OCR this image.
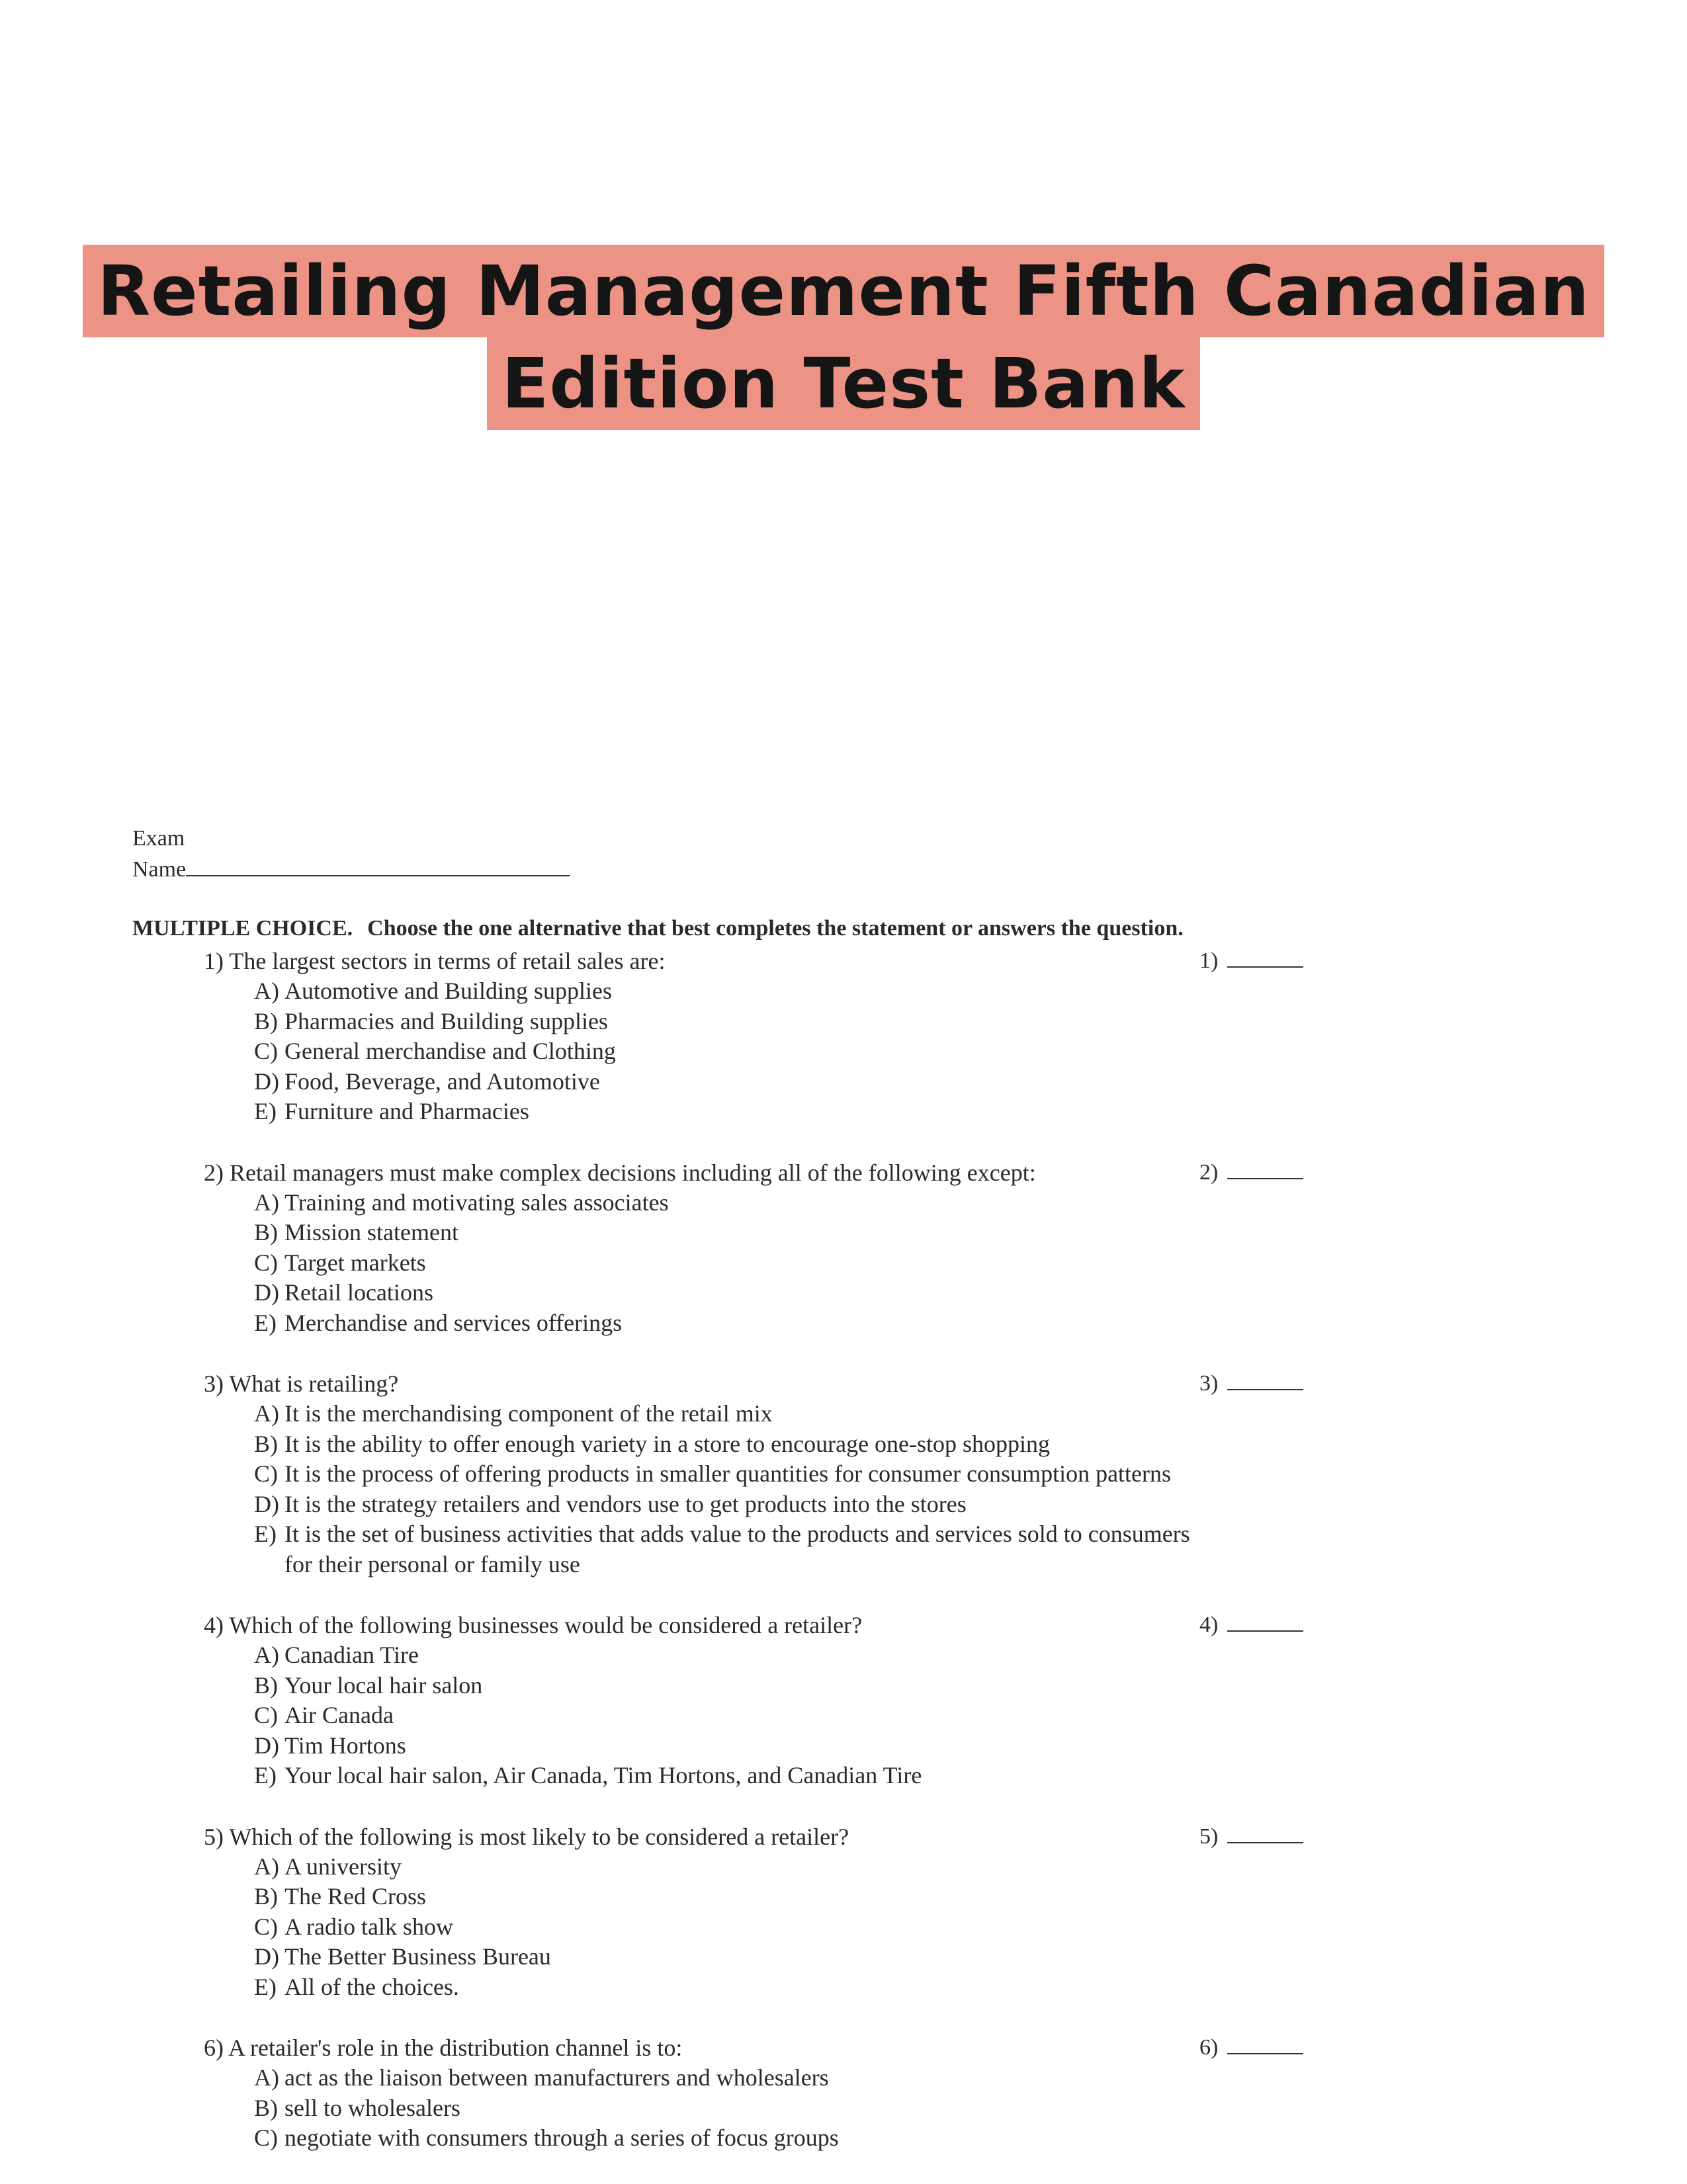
Retailing Management Fifth Canadian
Edition Test Bank
Exam
Name
MULTIPLE CHOICE. Choose the one alternative that best completes the statement or answers the question.
1) The largest sectors in terms of retail sales are:	1)
A) Automotive and Building supplies
B) Pharmacies and Building supplies
C) General merchandise and Clothing
D) Food, Beverage, and Automotive
E) Furniture and Pharmacies
2) Retail managers must make complex decisions including all of the following except:	2)
A) Training and motivating sales associates
B) Mission statement
C) Target markets
D) Retail locations
E) Merchandise and services offerings
3) What is retailing?	3)
A) It is the merchandising component of the retail mix
B) It is the ability to offer enough variety in a store to encourage one-stop shopping
C) It is the process of offering products in smaller quantities for consumer consumption patterns
D) It is the strategy retailers and vendors use to get products into the stores
E) It is the set of business activities that adds value to the products and services sold to consumers for their personal or family use
4) Which of the following businesses would be considered a retailer?	4)
A) Canadian Tire
B) Your local hair salon
C) Air Canada
D) Tim Hortons
E) Your local hair salon, Air Canada, Tim Hortons, and Canadian Tire
5) Which of the following is most likely to be considered a retailer?	5)
A) A university
B) The Red Cross
C) A radio talk show
D) The Better Business Bureau
E) All of the choices.
6) A retailer's role in the distribution channel is to:	6)
A) act as the liaison between manufacturers and wholesalers
B) sell to wholesalers
C) negotiate with consumers through a series of focus groups
